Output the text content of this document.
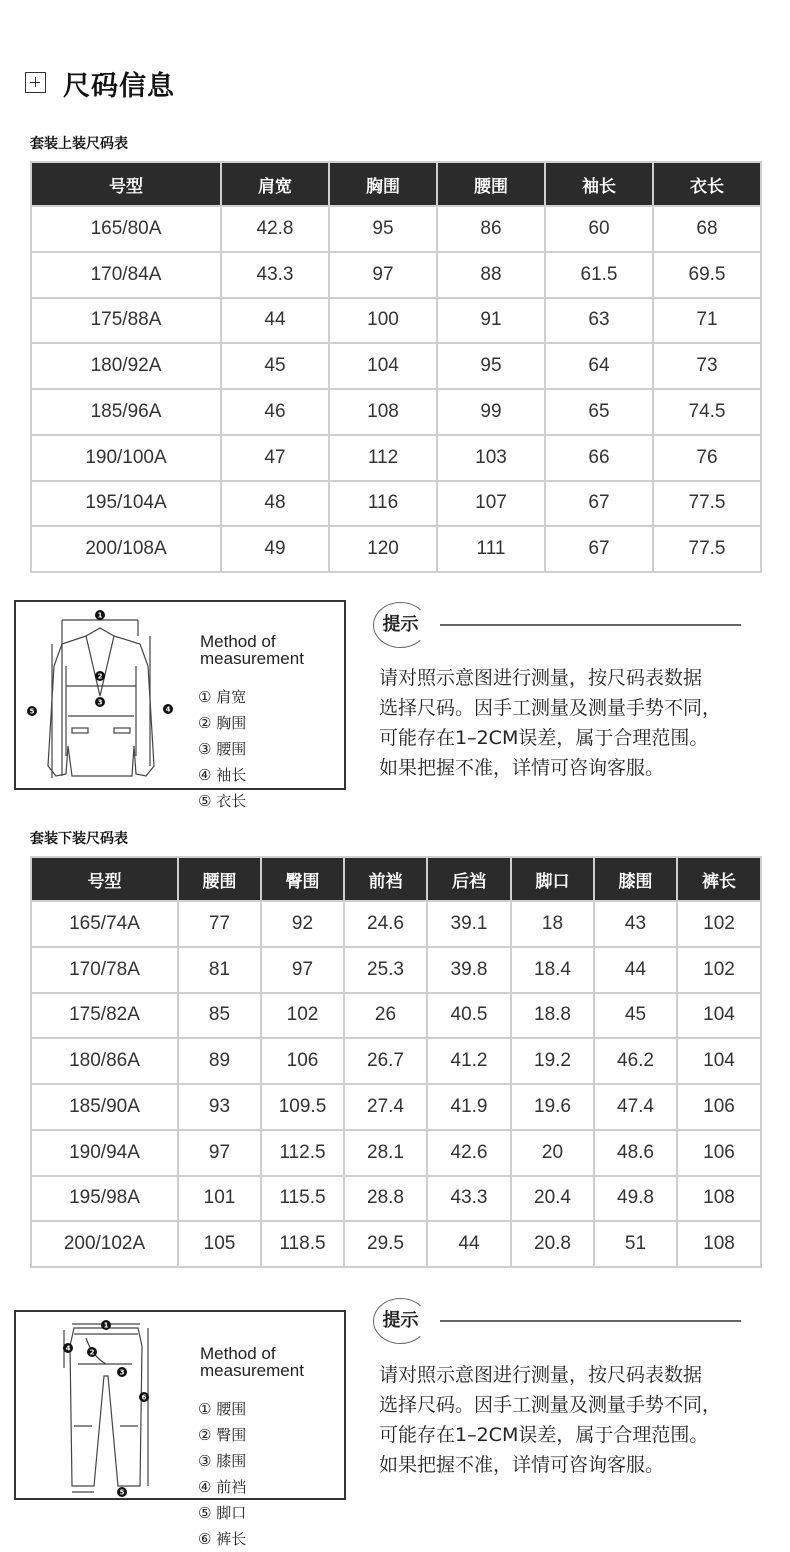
尺码信息
套装上装尺码表
号型	肩宽	胸围	腰围	袖长	衣长
165/80A	42.8	95	86	60	68
170/84A	43.3	97	88	61.5	69.5
175/88A	44	100	91	63	71
180/92A	45	104	95	64	73
185/96A	46	108	99	65	74.5
190/100A	47	112	103	66	76
195/104A	48	116	107	67	77.5
200/108A	49	120	111	67	77.5
1
2
3
4
5
Method of
measurement
① 肩宽② 胸围
③ 腰围④ 袖长
⑤ 衣长
提示
请对照示意图进行测量，按尺码表数据
选择尺码。因手工测量及测量手势不同，
可能存在1–2CM误差，属于合理范围。
如果把握不准，详情可咨询客服。
套装下装尺码表
号型	腰围	臀围	前裆	后裆	脚口	膝围	裤长
165/74A	77	92	24.6	39.1	18	43	102
170/78A	81	97	25.3	39.8	18.4	44	102
175/82A	85	102	26	40.5	18.8	45	104
180/86A	89	106	26.7	41.2	19.2	46.2	104
185/90A	93	109.5	27.4	41.9	19.6	47.4	106
190/94A	97	112.5	28.1	42.6	20	48.6	106
195/98A	101	115.5	28.8	43.3	20.4	49.8	108
200/102A	105	118.5	29.5	44	20.8	51	108
1
2
3
4
5
6
Method of
measurement
① 腰围② 臀围
③ 膝围④ 前裆
⑤ 脚口⑥ 裤长
提示
请对照示意图进行测量，按尺码表数据
选择尺码。因手工测量及测量手势不同，
可能存在1–2CM误差，属于合理范围。
如果把握不准，详情可咨询客服。
